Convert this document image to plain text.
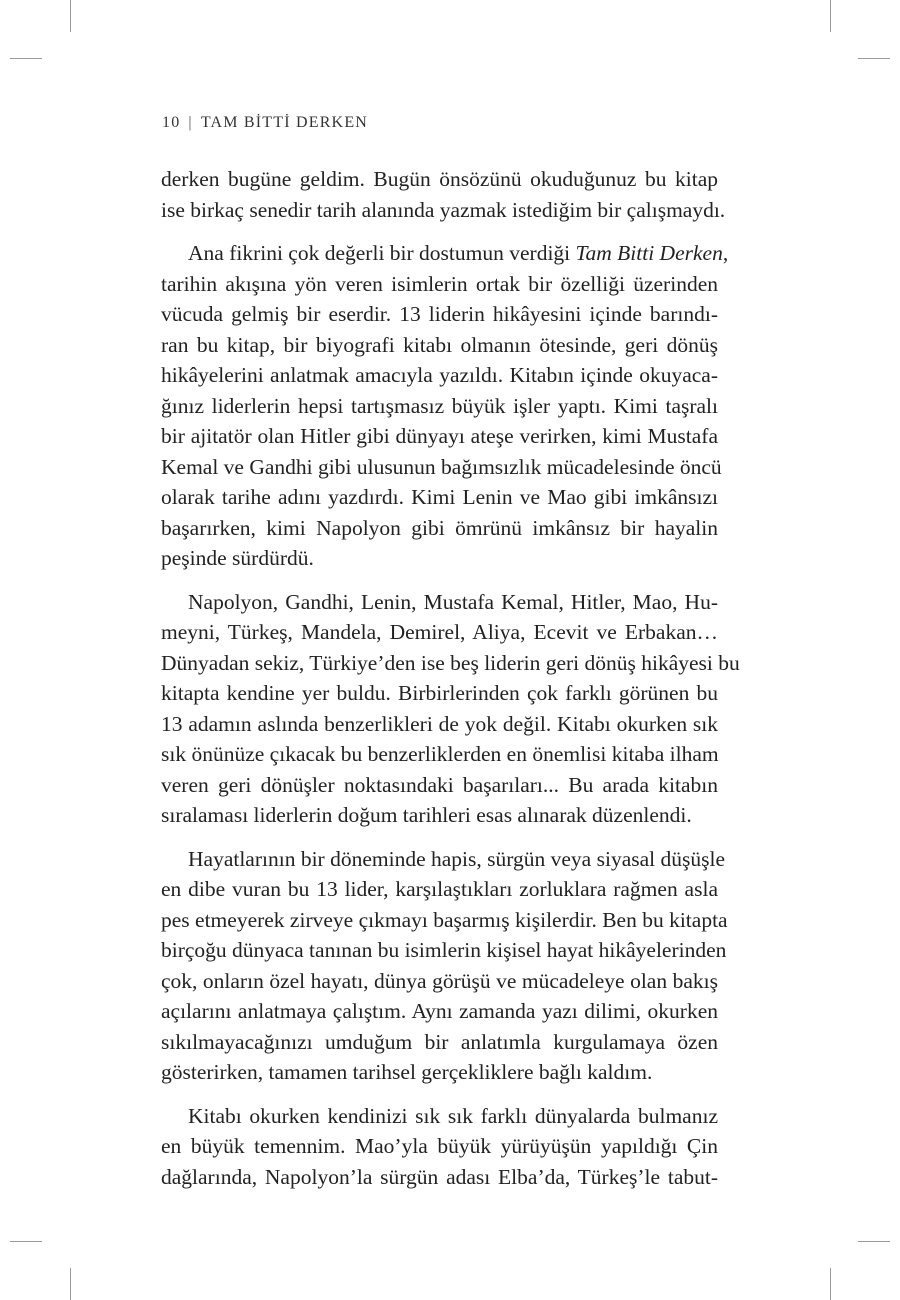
10 | TAM BİTTİ DERKEN
derken bugüne geldim. Bugün önsözünü okuduğunuz bu kitap
ise birkaç senedir tarih alanında yazmak istediğim bir çalışmaydı.
Ana fikrini çok değerli bir dostumun verdiği Tam Bitti Derken,
tarihin akışına yön veren isimlerin ortak bir özelliği üzerinden
vücuda gelmiş bir eserdir. 13 liderin hikâyesini içinde barındı-
ran bu kitap, bir biyografi kitabı olmanın ötesinde, geri dönüş
hikâyelerini anlatmak amacıyla yazıldı. Kitabın içinde okuyaca-
ğınız liderlerin hepsi tartışmasız büyük işler yaptı. Kimi taşralı
bir ajitatör olan Hitler gibi dünyayı ateşe verirken, kimi Mustafa
Kemal ve Gandhi gibi ulusunun bağımsızlık mücadelesinde öncü
olarak tarihe adını yazdırdı. Kimi Lenin ve Mao gibi imkânsızı
başarırken, kimi Napolyon gibi ömrünü imkânsız bir hayalin
peşinde sürdürdü.
Napolyon, Gandhi, Lenin, Mustafa Kemal, Hitler, Mao, Hu-
meyni, Türkeş, Mandela, Demirel, Aliya, Ecevit ve Erbakan…
Dünyadan sekiz, Türkiye’den ise beş liderin geri dönüş hikâyesi bu
kitapta kendine yer buldu. Birbirlerinden çok farklı görünen bu
13 adamın aslında benzerlikleri de yok değil. Kitabı okurken sık
sık önünüze çıkacak bu benzerliklerden en önemlisi kitaba ilham
veren geri dönüşler noktasındaki başarıları... Bu arada kitabın
sıralaması liderlerin doğum tarihleri esas alınarak düzenlendi.
Hayatlarının bir döneminde hapis, sürgün veya siyasal düşüşle
en dibe vuran bu 13 lider, karşılaştıkları zorluklara rağmen asla
pes etmeyerek zirveye çıkmayı başarmış kişilerdir. Ben bu kitapta
birçoğu dünyaca tanınan bu isimlerin kişisel hayat hikâyelerinden
çok, onların özel hayatı, dünya görüşü ve mücadeleye olan bakış
açılarını anlatmaya çalıştım. Aynı zamanda yazı dilimi, okurken
sıkılmayacağınızı umduğum bir anlatımla kurgulamaya özen
gösterirken, tamamen tarihsel gerçekliklere bağlı kaldım.
Kitabı okurken kendinizi sık sık farklı dünyalarda bulmanız
en büyük temennim. Mao’yla büyük yürüyüşün yapıldığı Çin
dağlarında, Napolyon’la sürgün adası Elba’da, Türkeş’le tabut-
